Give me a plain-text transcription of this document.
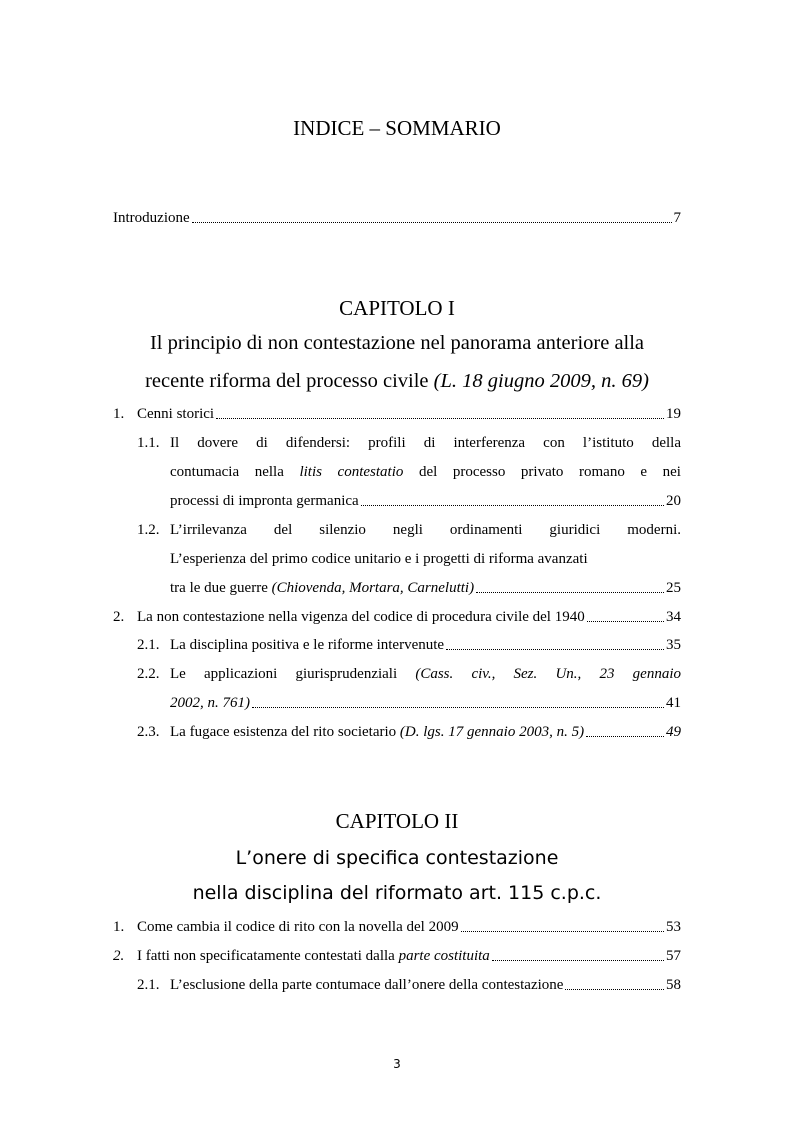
INDICE – SOMMARIO
Introduzione	7
CAPITOLO I
Il principio di non contestazione nel panorama anteriore alla
recente riforma del processo civile (L. 18 giugno 2009, n. 69)
1. Cenni storici	19
1.1. Il dovere di difendersi: profili di interferenza con l’istituto della
contumacia nella litis contestatio del processo privato romano e nei
processi di impronta germanica	20
1.2. L’irrilevanza del silenzio negli ordinamenti giuridici moderni.
L’esperienza del primo codice unitario e i progetti di riforma avanzati
tra le due guerre (Chiovenda, Mortara, Carnelutti)	25
2. La non contestazione nella vigenza del codice di procedura civile del 1940	34
2.1. La disciplina positiva e le riforme intervenute	35
2.2. Le applicazioni giurisprudenziali (Cass. civ., Sez. Un., 23 gennaio
2002, n. 761)	41
2.3. La fugace esistenza del rito societario (D. lgs. 17 gennaio 2003, n. 5)	49
CAPITOLO II
L’onere di specifica contestazione
nella disciplina del riformato art. 115 c.p.c.
1. Come cambia il codice di rito con la novella del 2009	53
2. I fatti non specificatamente contestati dalla parte costituita	57
2.1. L’esclusione della parte contumace dall’onere della contestazione	58
3
